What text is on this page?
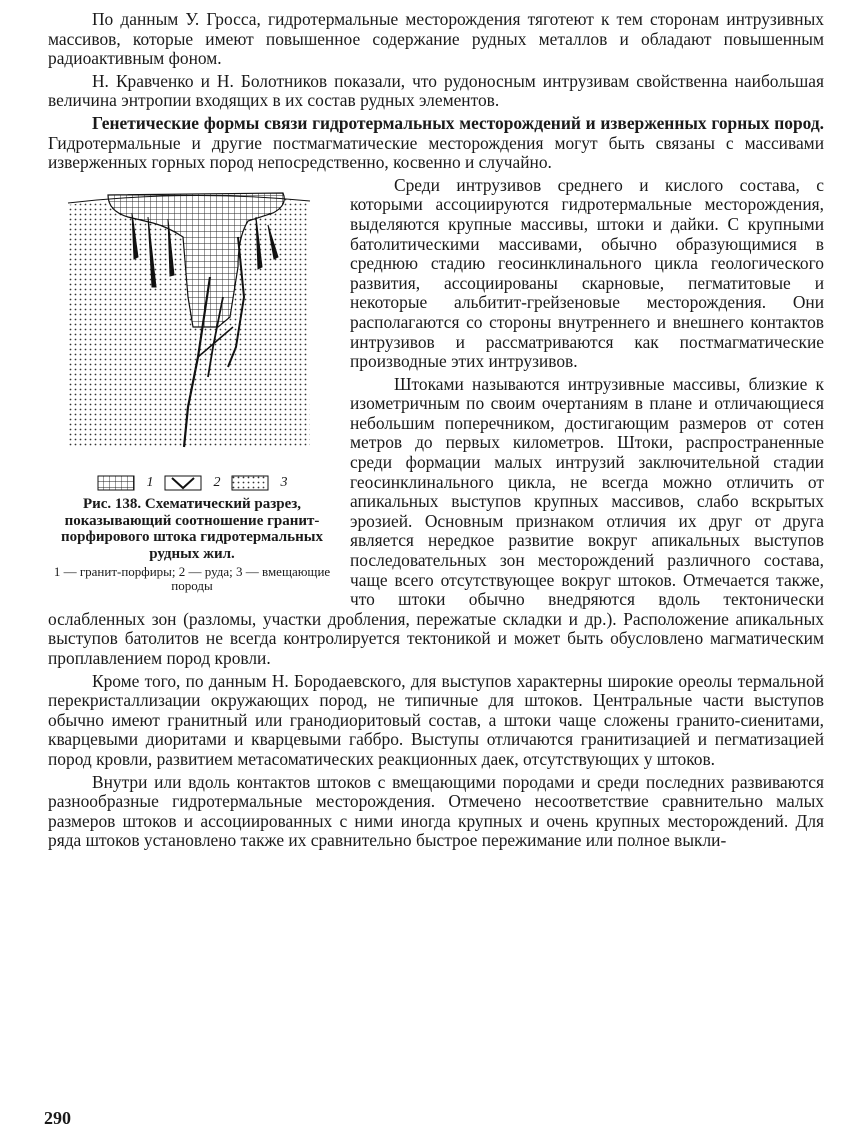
По данным У. Гросса, гидротермальные месторождения тяготеют к тем сторонам интрузивных массивов, которые имеют повышенное содержание рудных металлов и обладают повышенным радиоактивным фоном.

Н. Кравченко и Н. Болотников показали, что рудоносным интрузивам свойственна наибольшая величина энтропии входящих в их состав рудных элементов.

Генетические формы связи гидротермальных месторождений и изверженных горных пород. Гидротермальные и другие постмагматические месторождения могут быть связаны с массивами изверженных горных пород непосредственно, косвенно и случайно.

1	2	3
Рис. 138. Схематический разрез, показывающий соотношение гранит-порфирового штока гидротермальных рудных жил.
1 — гранит-порфиры; 2 — руда; 3 — вмещающие породы

Среди интрузивов среднего и кислого состава, с которыми ассоциируются гидротермальные месторождения, выделяются крупные массивы, штоки и дайки. С крупными батолитическими массивами, обычно образующимися в среднюю стадию геосинклинального цикла геологического развития, ассоциированы скарновые, пегматитовые и некоторые альбитит-грейзеновые месторождения. Они располагаются со стороны внутреннего и внешнего контактов интрузивов и рассматриваются как постмагматические производные этих интрузивов.

Штоками называются интрузивные массивы, близкие к изометричным по своим очертаниям в плане и отличающиеся небольшим поперечником, достигающим размеров от сотен метров до первых километров. Штоки, распространенные среди формации малых интрузий заключительной стадии геосинклинального цикла, не всегда можно отличить от апикальных выступов крупных массивов, слабо вскрытых эрозией. Основным признаком отличия их друг от друга является нередкое развитие вокруг апикальных выступов последовательных зон месторождений различного состава, чаще всего отсутствующее вокруг штоков. Отмечается также, что штоки обычно внедряются вдоль тектонически ослабленных зон (разломы, участки дробления, пережатые складки и др.). Расположение апикальных выступов батолитов не всегда контролируется тектоникой и может быть обусловлено магматическим проплавлением пород кровли.

Кроме того, по данным Н. Бородаевского, для выступов характерны широкие ореолы термальной перекристаллизации окружающих пород, не типичные для штоков. Центральные части выступов обычно имеют гранитный или гранодиоритовый состав, а штоки чаще сложены гранито-сиенитами, кварцевыми диоритами и кварцевыми габбро. Выступы отличаются гранитизацией и пегматизацией пород кровли, развитием метасоматических реакционных даек, отсутствующих у штоков.

Внутри или вдоль контактов штоков с вмещающими породами и среди последних развиваются разнообразные гидротермальные месторождения. Отмечено несоответствие сравнительно малых размеров штоков и ассоциированных с ними иногда крупных и очень крупных месторождений. Для ряда штоков установлено также их сравнительно быстрое пережимание или полное выкли-

290
